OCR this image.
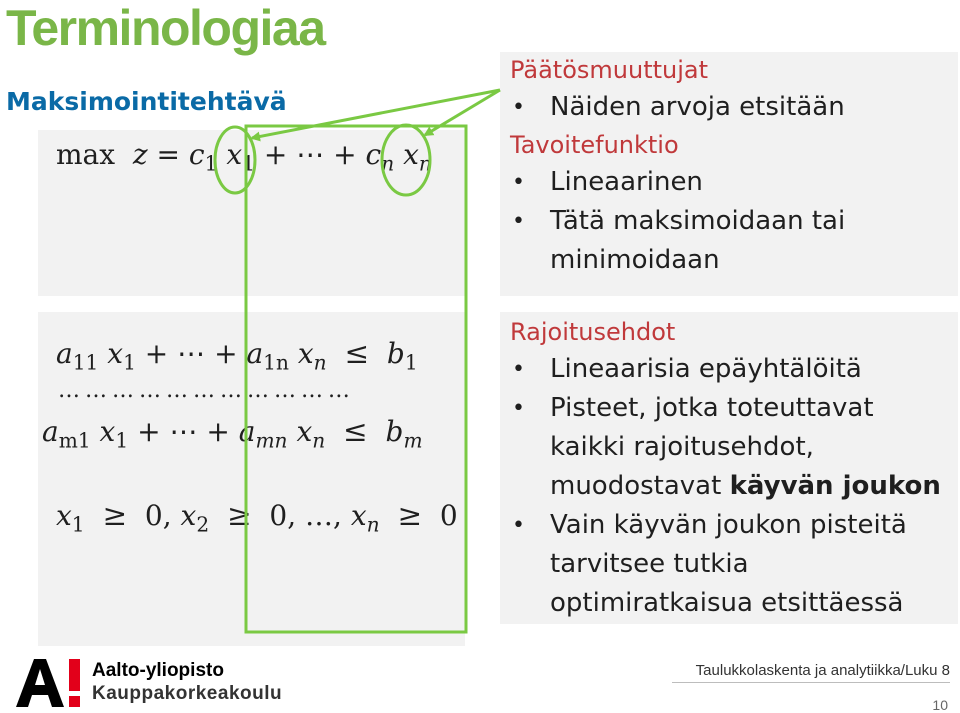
Terminologiaa
Maksimointitehtävä
$\max z = c_1$ $x_1$ + ⋯ + $c_n$ $x_n$
$a_{11}$ $x_1$ + ⋯ + $a_{1n}$ $x_n \le b_1$
… … … … … … … … … … …
$a_{m1}$ $x_1$ + ⋯ + $a_{mn}$ $x_n \le b_m$
$x_1 \ge 0$, $x_2 \ge 0$, …, $x_n \ge 0$
Päätösmuuttujat
• Näiden arvoja etsitään
Tavoitefunktio
• Lineaarinen
• Tätä maksimoidaan tai minimoidaan
Rajoitusehdot
• Lineaarisia epäyhtälöitä
• Pisteet, jotka toteuttavat kaikki rajoitusehdot, muodostavat käyvän joukon
• Vain käyvän joukon pisteitä tarvitsee tutkia optimiratkaisua etsittäessä
Aalto-yliopisto
Kauppakorkeakoulu
Taulukkolaskenta ja analytiikka/Luku 8
10
